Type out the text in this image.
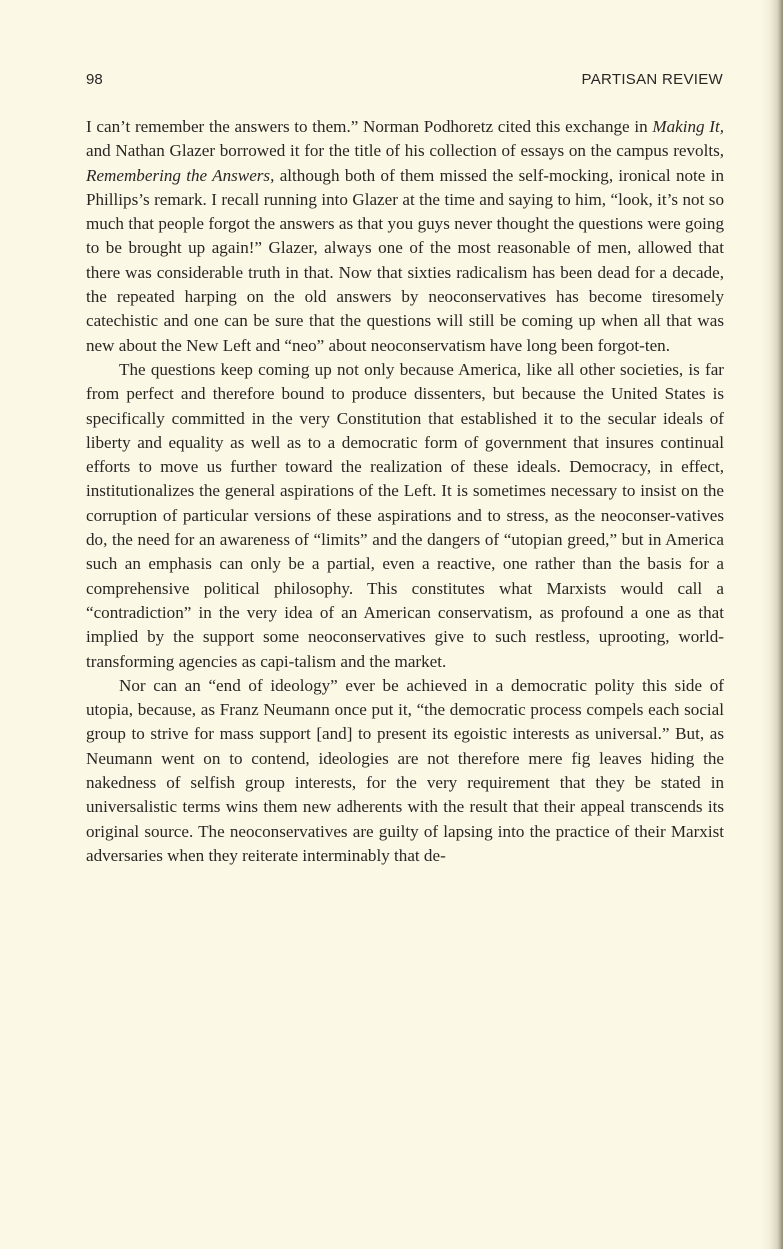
98	PARTISAN REVIEW

I can’t remember the answers to them.” Norman Podhoretz cited this exchange in Making It, and Nathan Glazer borrowed it for the title of his collection of essays on the campus revolts, Remembering the Answers, although both of them missed the self-mocking, ironical note in Phillips’s remark. I recall running into Glazer at the time and saying to him, “look, it’s not so much that people forgot the answers as that you guys never thought the questions were going to be brought up again!” Glazer, always one of the most reasonable of men, allowed that there was considerable truth in that. Now that sixties radicalism has been dead for a decade, the repeated harping on the old answers by neoconservatives has become tiresomely catechistic and one can be sure that the questions will still be coming up when all that was new about the New Left and “neo” about neoconservatism have long been forgot-ten.

The questions keep coming up not only because America, like all other societies, is far from perfect and therefore bound to produce dissenters, but because the United States is specifically committed in the very Constitution that established it to the secular ideals of liberty and equality as well as to a democratic form of government that insures continual efforts to move us further toward the realization of these ideals. Democracy, in effect, institutionalizes the general aspirations of the Left. It is sometimes necessary to insist on the corruption of particular versions of these aspirations and to stress, as the neoconser-vatives do, the need for an awareness of “limits” and the dangers of “utopian greed,” but in America such an emphasis can only be a partial, even a reactive, one rather than the basis for a comprehensive political philosophy. This constitutes what Marxists would call a “contradiction” in the very idea of an American conservatism, as profound a one as that implied by the support some neoconservatives give to such restless, uprooting, world-transforming agencies as capi-talism and the market.

Nor can an “end of ideology” ever be achieved in a democratic polity this side of utopia, because, as Franz Neumann once put it, “the democratic process compels each social group to strive for mass support [and] to present its egoistic interests as universal.” But, as Neumann went on to contend, ideologies are not therefore mere fig leaves hiding the nakedness of selfish group interests, for the very requirement that they be stated in universalistic terms wins them new adherents with the result that their appeal transcends its original source. The neoconservatives are guilty of lapsing into the practice of their Marxist adversaries when they reiterate interminably that de-
